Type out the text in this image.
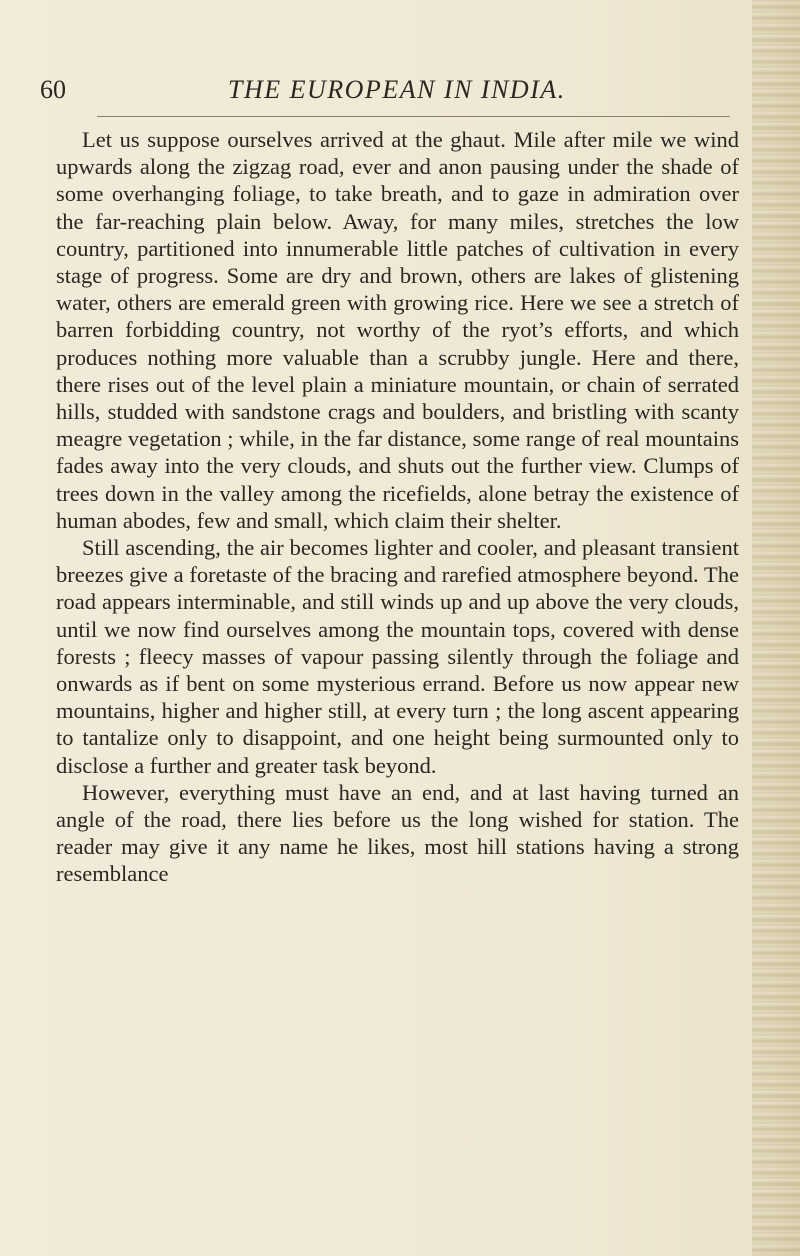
60	THE EUROPEAN IN INDIA.

Let us suppose ourselves arrived at the ghaut. Mile after mile we wind upwards along the zigzag road, ever and anon pausing under the shade of some overhanging foliage, to take breath, and to gaze in admiration over the far-reaching plain below. Away, for many miles, stretches the low country, partitioned into innumerable little patches of cultivation in every stage of progress. Some are dry and brown, others are lakes of glistening water, others are emerald green with growing rice. Here we see a stretch of barren forbidding country, not worthy of the ryot’s efforts, and which produces nothing more valuable than a scrubby jungle. Here and there, there rises out of the level plain a miniature mountain, or chain of serrated hills, studded with sandstone crags and boulders, and bristling with scanty meagre vegetation ; while, in the far distance, some range of real mountains fades away into the very clouds, and shuts out the further view. Clumps of trees down in the valley among the ricefields, alone betray the existence of human abodes, few and small, which claim their shelter.

Still ascending, the air becomes lighter and cooler, and pleasant transient breezes give a foretaste of the bracing and rarefied atmosphere beyond. The road appears interminable, and still winds up and up above the very clouds, until we now find ourselves among the mountain tops, covered with dense forests ; fleecy masses of vapour passing silently through the foliage and onwards as if bent on some mysterious errand. Before us now appear new mountains, higher and higher still, at every turn ; the long ascent appearing to tantalize only to disappoint, and one height being surmounted only to disclose a further and greater task beyond.

However, everything must have an end, and at last having turned an angle of the road, there lies before us the long wished for station. The reader may give it any name he likes, most hill stations having a strong resemblance
